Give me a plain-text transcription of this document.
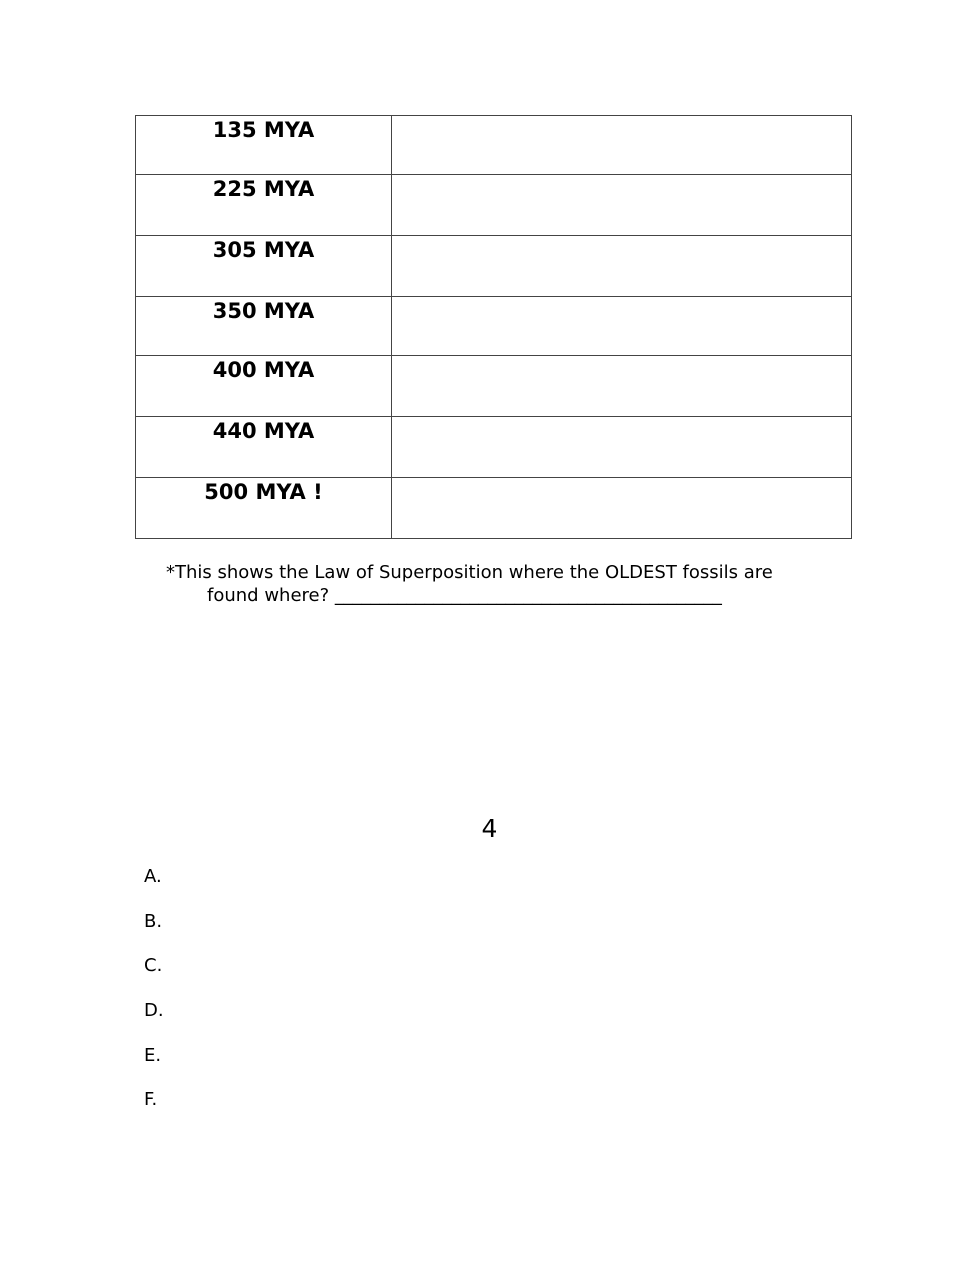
135 MYA	
225 MYA	
305 MYA	
350 MYA	
400 MYA	
440 MYA	
500 MYA !	
*This shows the Law of Superposition where the OLDEST fossils are
found where? ___________________________________________
4
A.
B.
C.
D.
E.
F.
